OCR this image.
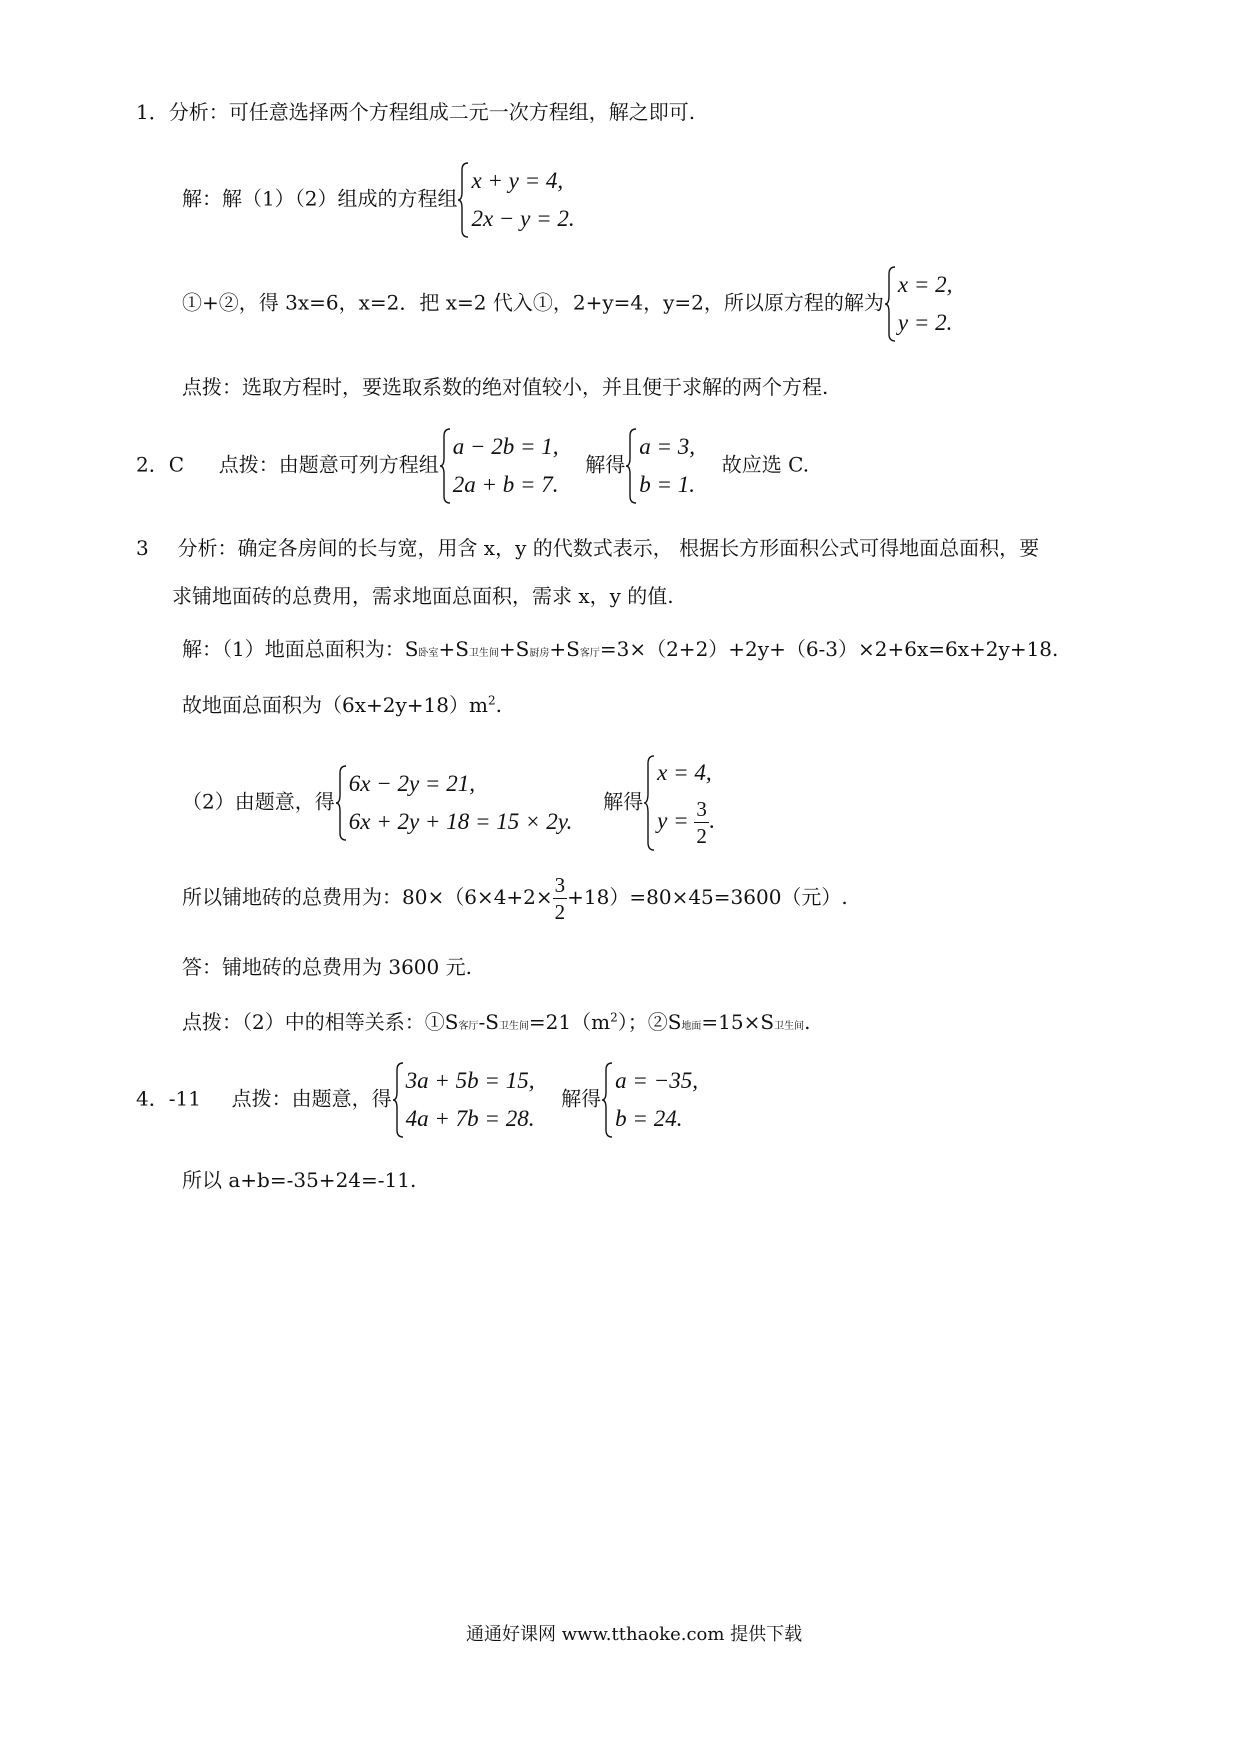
1．分析：可任意选择两个方程组成二元一次方程组，解之即可.
解：解（1）（2）组成的方程组
x + y = 4,
2x − y = 2.
①+②，得 3x=6，x=2．把 x=2 代入①，2+y=4，y=2，所以原方程的解为
x = 2,
y = 2.
点拨：选取方程时，要选取系数的绝对值较小，并且便于求解的两个方程.
2．C 点拨：由题意可列方程组
a − 2b = 1,
2a + b = 7.
解得
a = 3,
b = 1.
故应选 C.
3 分析：确定各房间的长与宽，用含 x，y 的代数式表示， 根据长方形面积公式可得地面总面积，要
求铺地面砖的总费用，需求地面总面积，需求 x，y 的值.
解：（1）地面总面积为：S卧室+S卫生间+S厨房+S客厅=3×（2+2）+2y+（6-3）×2+6x=6x+2y+18.
故地面总面积为$(6x+2y+18)m^2$.
（2）由题意，得
6x − 2y = 21,
6x + 2y + 18 = 15 × 2y.
解得
x = 4,
$y = \frac{3}{2}$ .
所以铺地砖的总费用为：$80\times(6\times 4+2\times \frac{3}{2} +18)=80\times 45=3600$（元）.
答：铺地砖的总费用为 3600 元.
点拨：（2）中的相等关系：①S客厅-S卫生间$=21(m^2)$；②S地面=15×S卫生间.
4．-11 点拨：由题意，得
3a + 5b = 15,
4a + 7b = 28.
解得
a = −35,
b = 24.
所以 a+b=-35+24=-11.
通通好课网 www.tthaoke.com 提供下载
